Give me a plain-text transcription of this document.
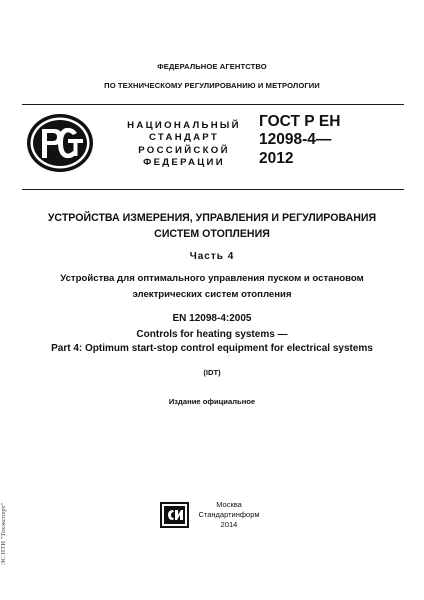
ФЕДЕРАЛЬНОЕ АГЕНТСТВО
ПО ТЕХНИЧЕСКОМУ РЕГУЛИРОВАНИЮ И МЕТРОЛОГИИ
НАЦИОНАЛЬНЫЙ
СТАНДАРТ
РОССИЙСКОЙ
ФЕДЕРАЦИИ
ГОСТ Р ЕН
12098-4—
2012
УСТРОЙСТВА ИЗМЕРЕНИЯ, УПРАВЛЕНИЯ И РЕГУЛИРОВАНИЯ
СИСТЕМ ОТОПЛЕНИЯ
Часть 4
Устройства для оптимального управления пуском и остановом
электрических систем отопления
EN 12098-4:2005
Controls for heating systems —
Part 4: Optimum start-stop control equipment for electrical systems
(IDT)
Издание официальное
Москва
Стандартинформ
2014
ЭС НТИ "Техэксперт"
